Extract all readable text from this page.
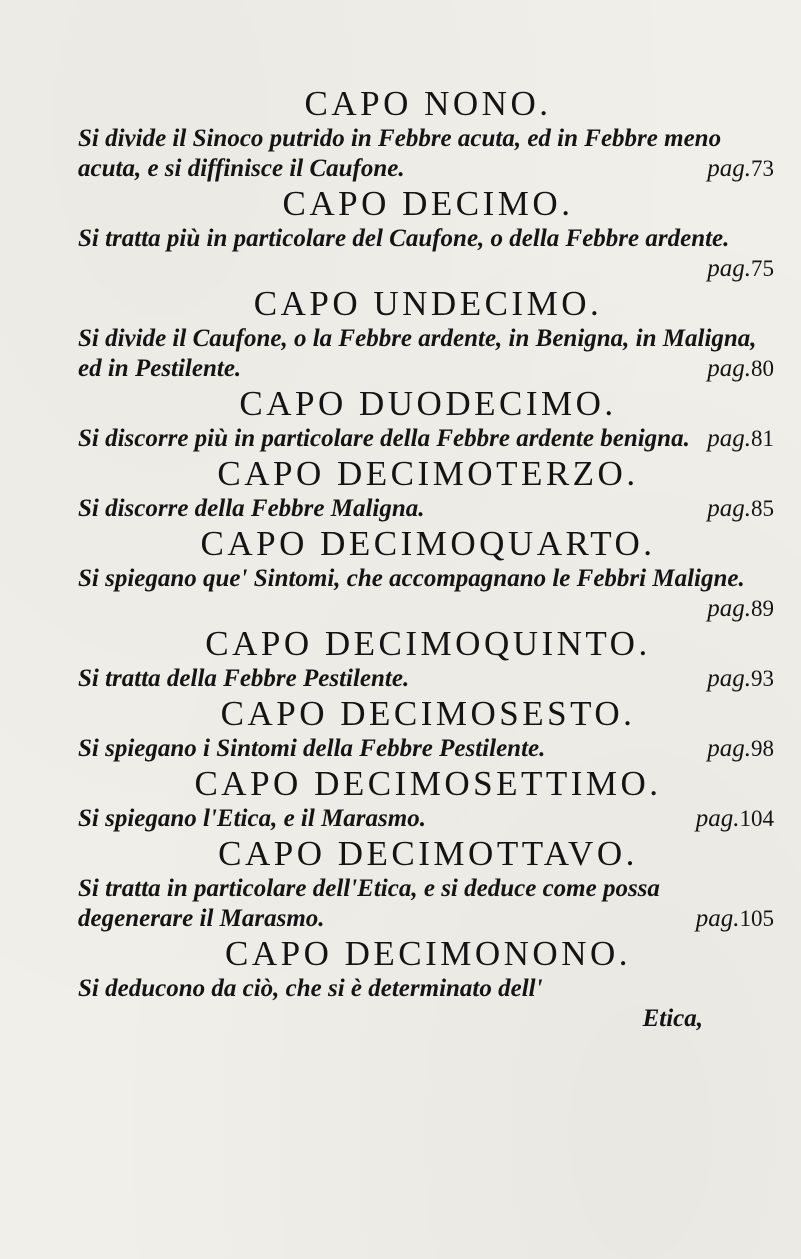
CAPO NONO.
Si divide il Sinoco putrido in Febbre acuta, ed in Febbre meno acuta, e si diffinisce il Caufone.	pag.73
CAPO DECIMO.
Si tratta più in particolare del Caufone, o della Febbre ardente.
pag.75
CAPO UNDECIMO.
Si divide il Caufone, o la Febbre ardente, in Benigna, in Maligna, ed in Pestilente.	pag.80
CAPO DUODECIMO.
Si discorre più in particolare della Febbre ardente benigna. pag.81
CAPO DECIMOTERZO.
Si discorre della Febbre Maligna.	pag.85
CAPO DECIMOQUARTO.
Si spiegano que' Sintomi, che accompagnano le Febbri Maligne.
pag.89
CAPO DECIMOQUINTO.
Si tratta della Febbre Pestilente.	pag.93
CAPO DECIMOSESTO.
Si spiegano i Sintomi della Febbre Pestilente.	pag.98
CAPO DECIMOSETTIMO.
Si spiegano l'Etica, e il Marasmo.	pag.104
CAPO DECIMOTTAVO.
Si tratta in particolare dell'Etica, e si deduce come possa degenerare il Marasmo.	pag.105
CAPO DECIMONONO.
Si deducono da ciò, che si è determinato dell'
Etica,
